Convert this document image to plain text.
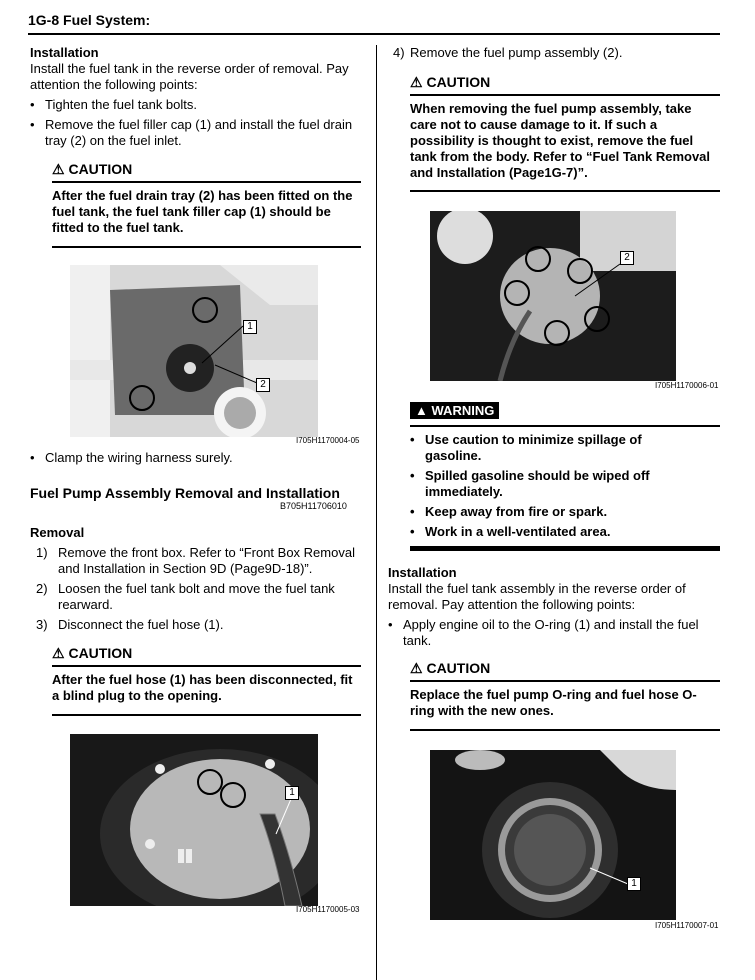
1G-8 Fuel System:
Installation
Install the fuel tank in the reverse order of removal. Pay attention the following points:
• Tighten the fuel tank bolts.
• Remove the fuel filler cap (1) and install the fuel drain tray (2) on the fuel inlet.
⚠ CAUTION
After the fuel drain tray (2) has been fitted on the fuel tank, the fuel tank filler cap (1) should be fitted to the fuel tank.
1
2
I705H1170004-05
• Clamp the wiring harness surely.
Fuel Pump Assembly Removal and Installation
B705H11706010
Removal
1) Remove the front box. Refer to “Front Box Removal and Installation in Section 9D (Page9D-18)”.
2) Loosen the fuel tank bolt and move the fuel tank rearward.
3) Disconnect the fuel hose (1).
⚠ CAUTION
After the fuel hose (1) has been disconnected, fit a blind plug to the opening.
1
I705H1170005-03
4) Remove the fuel pump assembly (2).
⚠ CAUTION
When removing the fuel pump assembly, take care not to cause damage to it. If such a possibility is thought to exist, remove the fuel tank from the body. Refer to “Fuel Tank Removal and Installation (Page1G-7)”.
2
I705H1170006-01
▲ WARNING
• Use caution to minimize spillage of gasoline.
• Spilled gasoline should be wiped off immediately.
• Keep away from fire or spark.
• Work in a well-ventilated area.
Installation
Install the fuel tank assembly in the reverse order of removal. Pay attention the following points:
• Apply engine oil to the O-ring (1) and install the fuel tank.
⚠ CAUTION
Replace the fuel pump O-ring and fuel hose O-ring with the new ones.
1
I705H1170007-01
